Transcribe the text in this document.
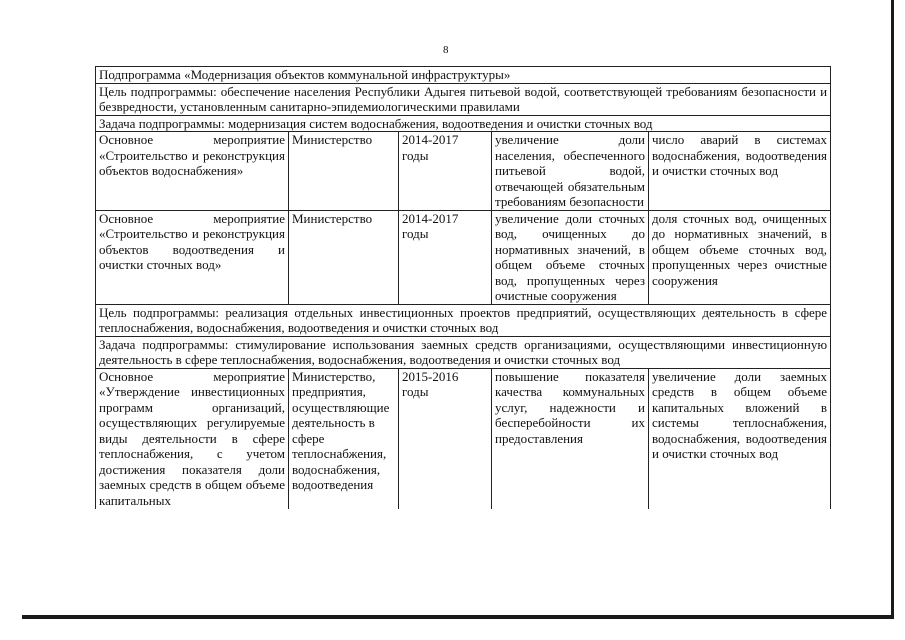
8
Подпрограмма «Модернизация объектов коммунальной инфраструктуры»				
Цель подпрограммы: обеспечение населения Республики Адыгея питьевой водой, соответствующей требованиям безопасности и безвредности, установленным санитарно-эпидемиологическими правилами				
Задача подпрограммы: модернизация систем водоснабжения, водоотведения и очистки сточных вод				
Основное мероприятие «Строительство и реконструкция объектов водоснабжения»	Министерство	2014-2017 годы	увеличение доли населения, обеспеченного питьевой водой, отвечающей обязательным требованиям безопасности	число аварий в системах водоснабжения, водоотведения и очистки сточных вод
Основное мероприятие «Строительство и реконструкция объектов водоотведения и очистки сточных вод»	Министерство	2014-2017 годы	увеличение доли сточных вод, очищенных до нормативных значений, в общем объеме сточных вод, пропущенных через очистные сооружения	доля сточных вод, очищенных до нормативных значений, в общем объеме сточных вод, пропущенных через очистные сооружения
Цель подпрограммы: реализация отдельных инвестиционных проектов предприятий, осуществляющих деятельность в сфере теплоснабжения, водоснабжения, водоотведения и очистки сточных вод				
Задача подпрограммы: стимулирование использования заемных средств организациями, осуществляющими инвестиционную деятельность в сфере теплоснабжения, водоснабжения, водоотведения и очистки сточных вод				
Основное мероприятие «Утверждение инвестиционных программ организаций, осуществляющих регулируемые виды деятельности в сфере теплоснабжения, с учетом достижения показателя доли заемных средств в общем объеме капитальных	Министерство, предприятия, осуществляющие деятельность в сфере теплоснабжения, водоснабжения, водоотведения	2015-2016 годы	повышение показателя качества коммунальных услуг, надежности и бесперебойности их предоставления	увеличение доли заемных средств в общем объеме капитальных вложений в системы теплоснабжения, водоснабжения, водоотведения и очистки сточных вод
